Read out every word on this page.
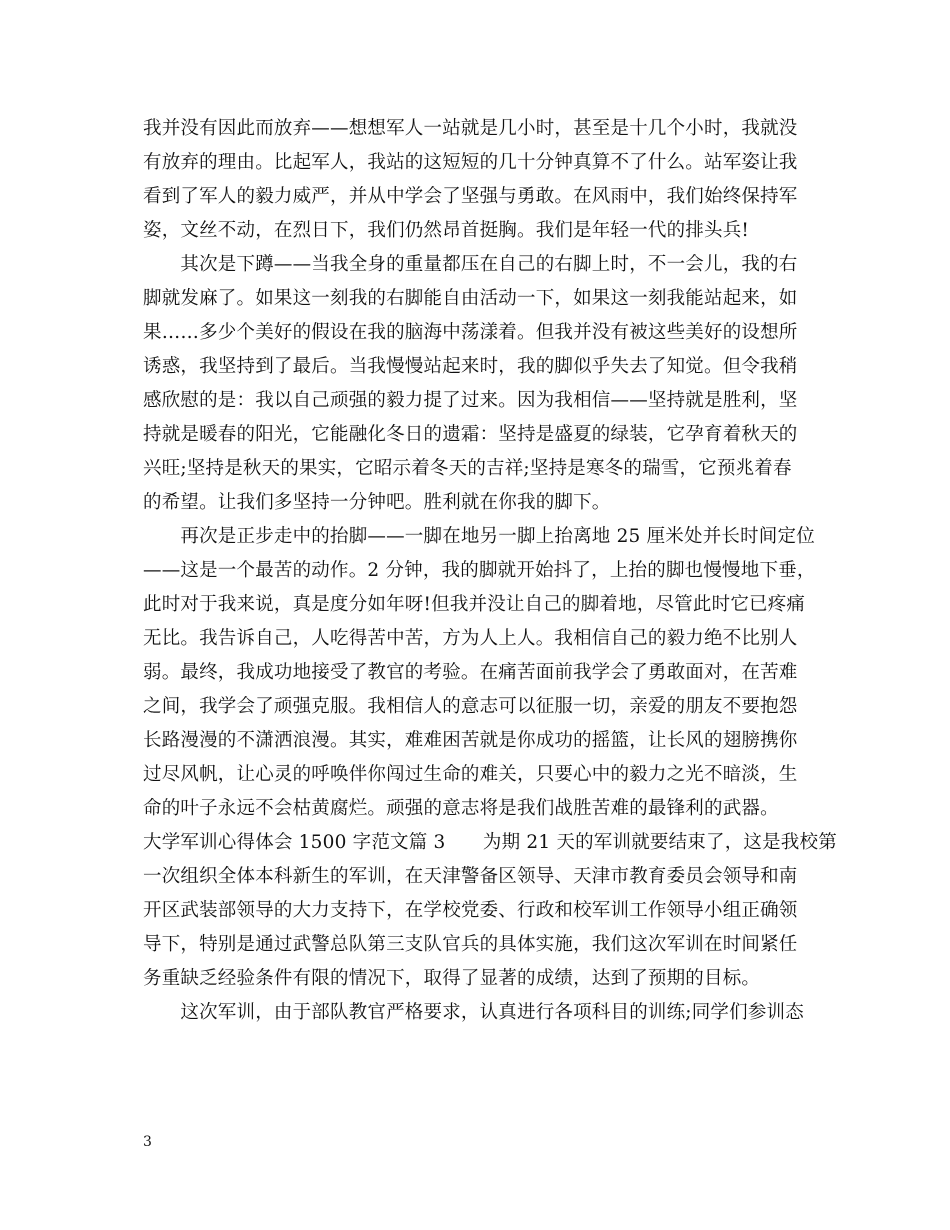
我并没有因此而放弃——想想军人一站就是几小时，甚至是十几个小时，我就没
有放弃的理由。比起军人，我站的这短短的几十分钟真算不了什么。站军姿让我
看到了军人的毅力威严，并从中学会了坚强与勇敢。在风雨中，我们始终保持军
姿，文丝不动，在烈日下，我们仍然昂首挺胸。我们是年轻一代的排头兵!
　　其次是下蹲——当我全身的重量都压在自己的右脚上时，不一会儿，我的右
脚就发麻了。如果这一刻我的右脚能自由活动一下，如果这一刻我能站起来，如
果……多少个美好的假设在我的脑海中荡漾着。但我并没有被这些美好的设想所
诱惑，我坚持到了最后。当我慢慢站起来时，我的脚似乎失去了知觉。但令我稍
感欣慰的是：我以自己顽强的毅力提了过来。因为我相信——坚持就是胜利，坚
持就是暖春的阳光，它能融化冬日的遗霜：坚持是盛夏的绿装，它孕育着秋天的
兴旺;坚持是秋天的果实，它昭示着冬天的吉祥;坚持是寒冬的瑞雪，它预兆着春
的希望。让我们多坚持一分钟吧。胜利就在你我的脚下。
　　再次是正步走中的抬脚——一脚在地另一脚上抬离地 25 厘米处并长时间定位
——这是一个最苦的动作。2 分钟，我的脚就开始抖了，上抬的脚也慢慢地下垂，
此时对于我来说，真是度分如年呀!但我并没让自己的脚着地，尽管此时它已疼痛
无比。我告诉自己，人吃得苦中苦，方为人上人。我相信自己的毅力绝不比别人
弱。最终，我成功地接受了教官的考验。在痛苦面前我学会了勇敢面对，在苦难
之间，我学会了顽强克服。我相信人的意志可以征服一切，亲爱的朋友不要抱怨
长路漫漫的不潇洒浪漫。其实，难难困苦就是你成功的摇篮，让长风的翅膀携你
过尽风帆，让心灵的呼唤伴你闯过生命的难关，只要心中的毅力之光不暗淡，生
命的叶子永远不会枯黄腐烂。顽强的意志将是我们战胜苦难的最锋利的武器。
大学军训心得体会 1500 字范文篇 3　　为期 21 天的军训就要结束了，这是我校第
一次组织全体本科新生的军训，在天津警备区领导、天津市教育委员会领导和南
开区武装部领导的大力支持下，在学校党委、行政和校军训工作领导小组正确领
导下，特别是通过武警总队第三支队官兵的具体实施，我们这次军训在时间紧任
务重缺乏经验条件有限的情况下，取得了显著的成绩，达到了预期的目标。
　　这次军训，由于部队教官严格要求，认真进行各项科目的训练;同学们参训态
3
